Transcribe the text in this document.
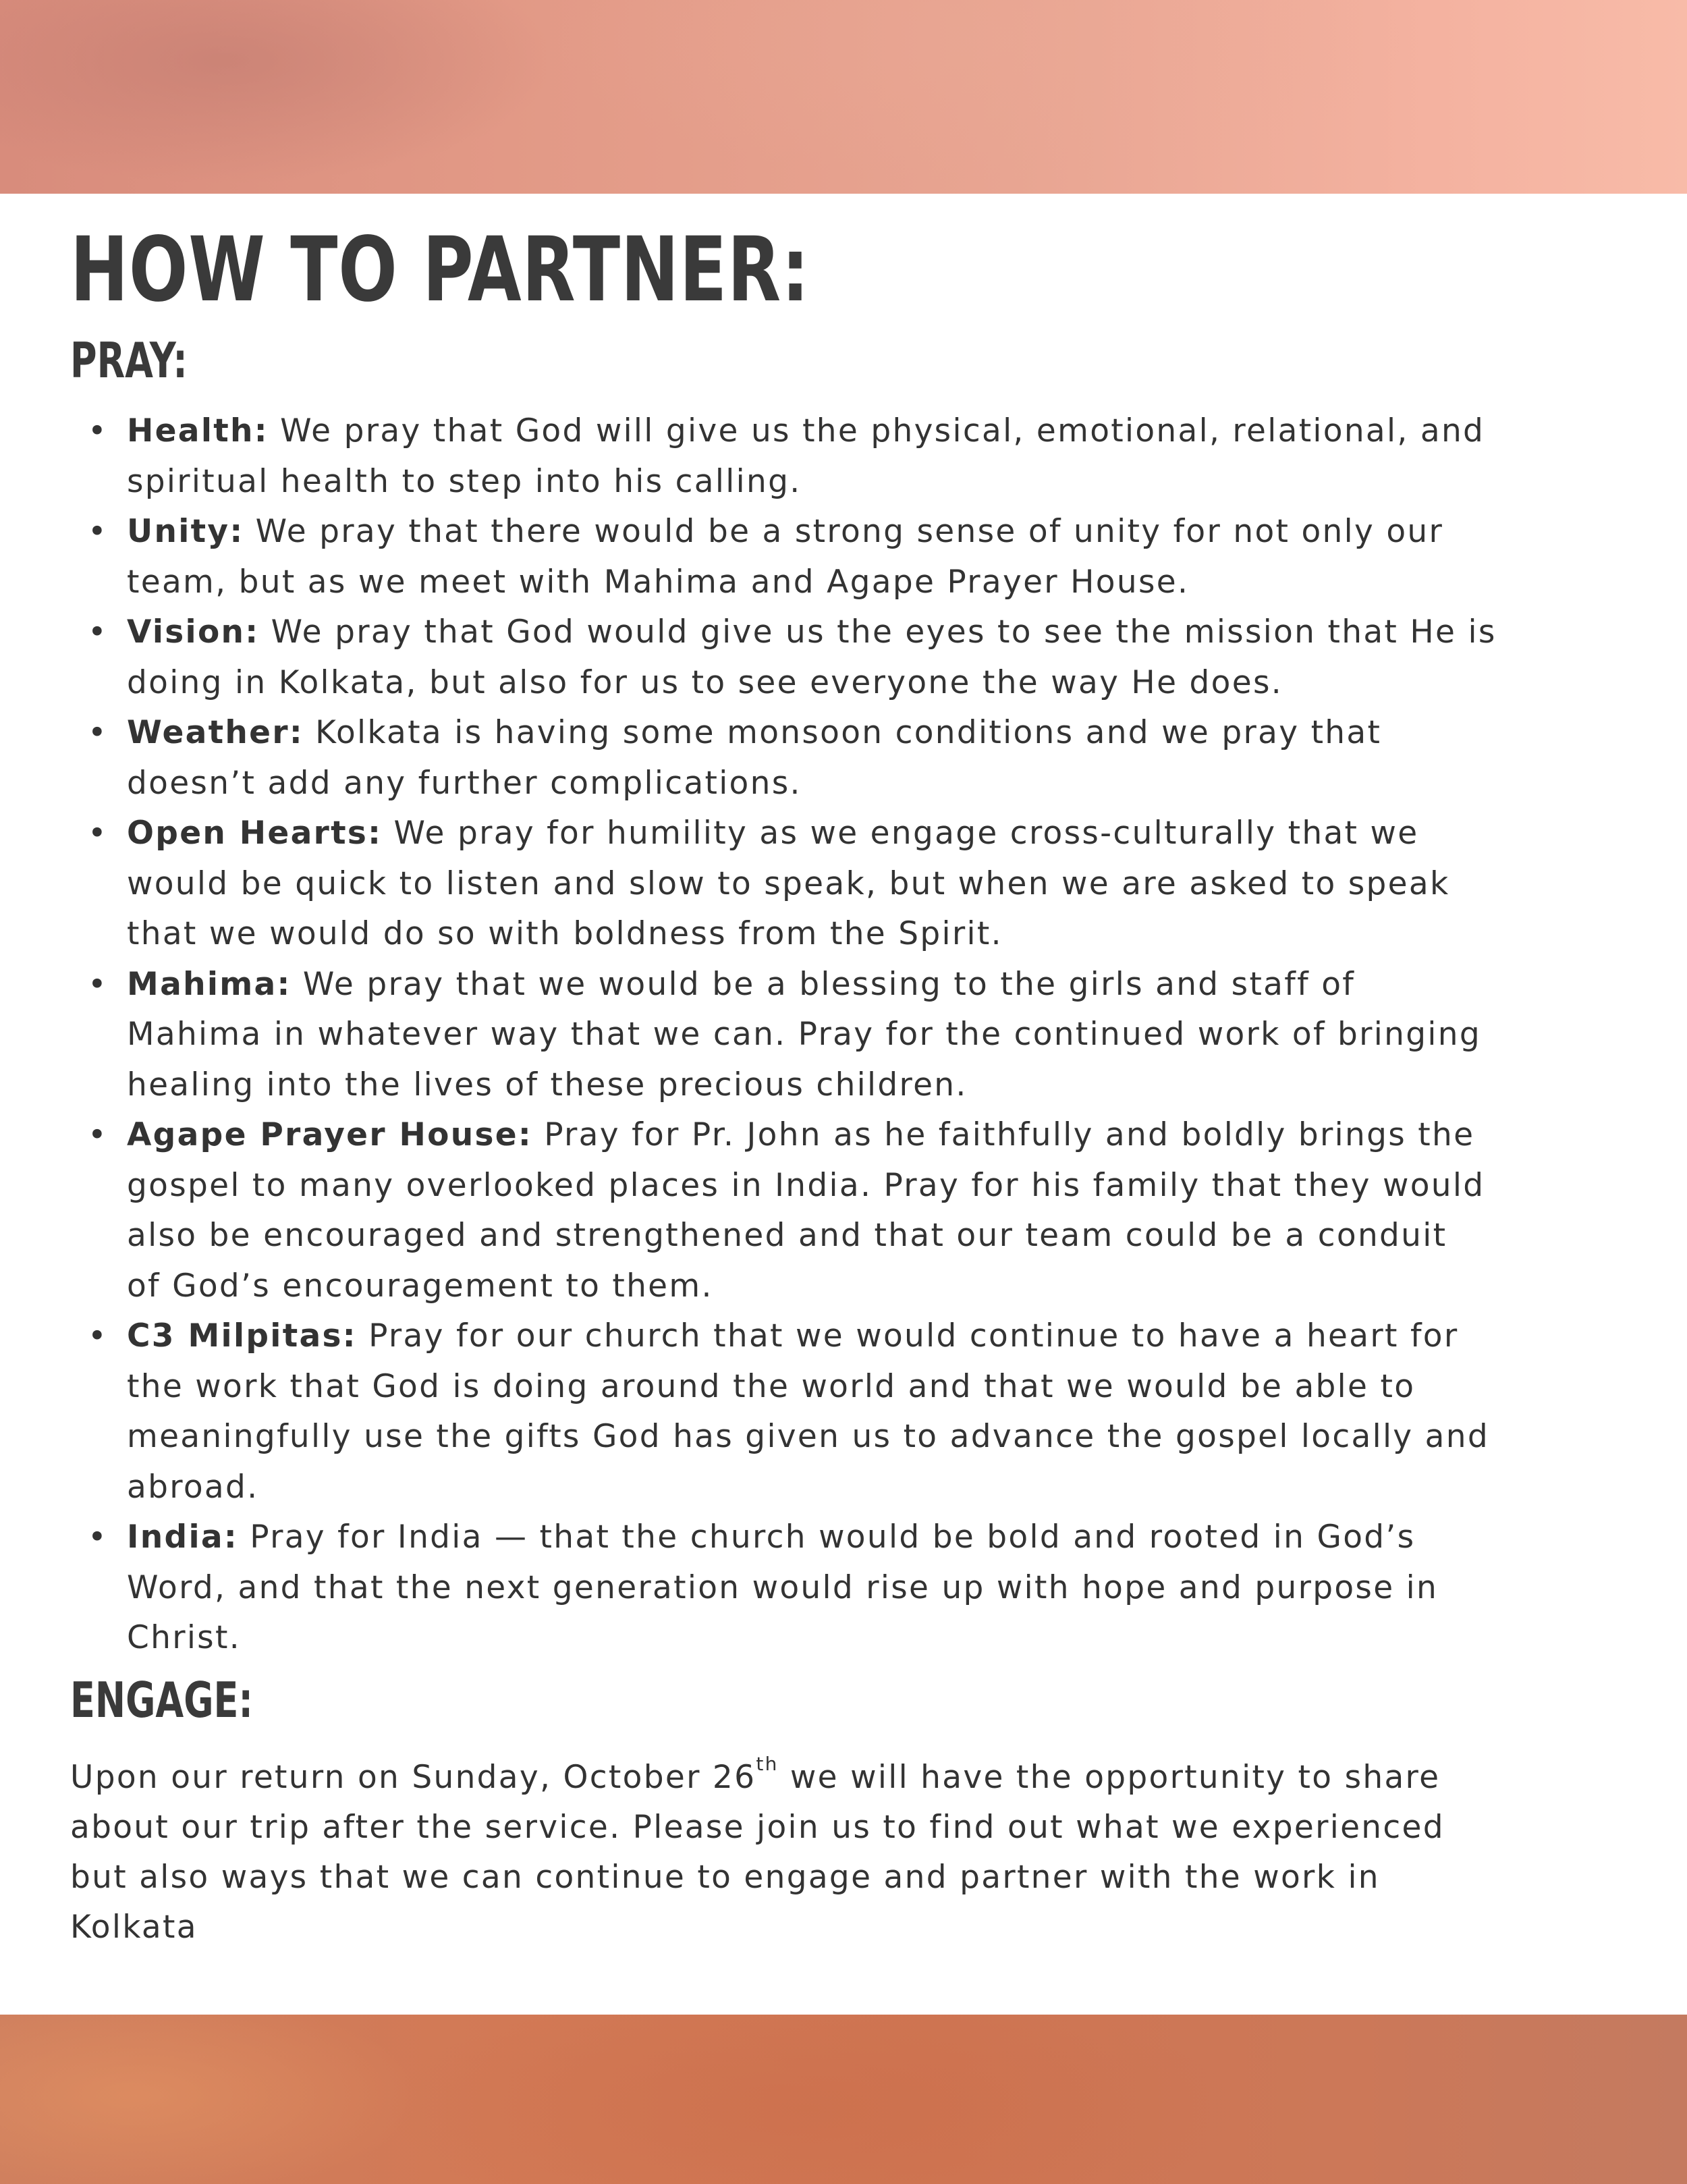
HOW TO PARTNER:
PRAY:
• Health: We pray that God will give us the physical, emotional, relational, and
spiritual health to step into his calling.
• Unity: We pray that there would be a strong sense of unity for not only our
team, but as we meet with Mahima and Agape Prayer House.
• Vision: We pray that God would give us the eyes to see the mission that He is
doing in Kolkata, but also for us to see everyone the way He does.
• Weather: Kolkata is having some monsoon conditions and we pray that
doesn’t add any further complications.
• Open Hearts: We pray for humility as we engage cross-culturally that we
would be quick to listen and slow to speak, but when we are asked to speak
that we would do so with boldness from the Spirit.
• Mahima: We pray that we would be a blessing to the girls and staff of
Mahima in whatever way that we can. Pray for the continued work of bringing
healing into the lives of these precious children.
• Agape Prayer House: Pray for Pr. John as he faithfully and boldly brings the
gospel to many overlooked places in India. Pray for his family that they would
also be encouraged and strengthened and that our team could be a conduit
of God’s encouragement to them.
• C3 Milpitas: Pray for our church that we would continue to have a heart for
the work that God is doing around the world and that we would be able to
meaningfully use the gifts God has given us to advance the gospel locally and
abroad.
• India: Pray for India — that the church would be bold and rooted in God’s
Word, and that the next generation would rise up with hope and purpose in
Christ.
ENGAGE:

Upon our return on Sunday, October 26th we will have the opportunity to share
about our trip after the service. Please join us to find out what we experienced
but also ways that we can continue to engage and partner with the work in
Kolkata
